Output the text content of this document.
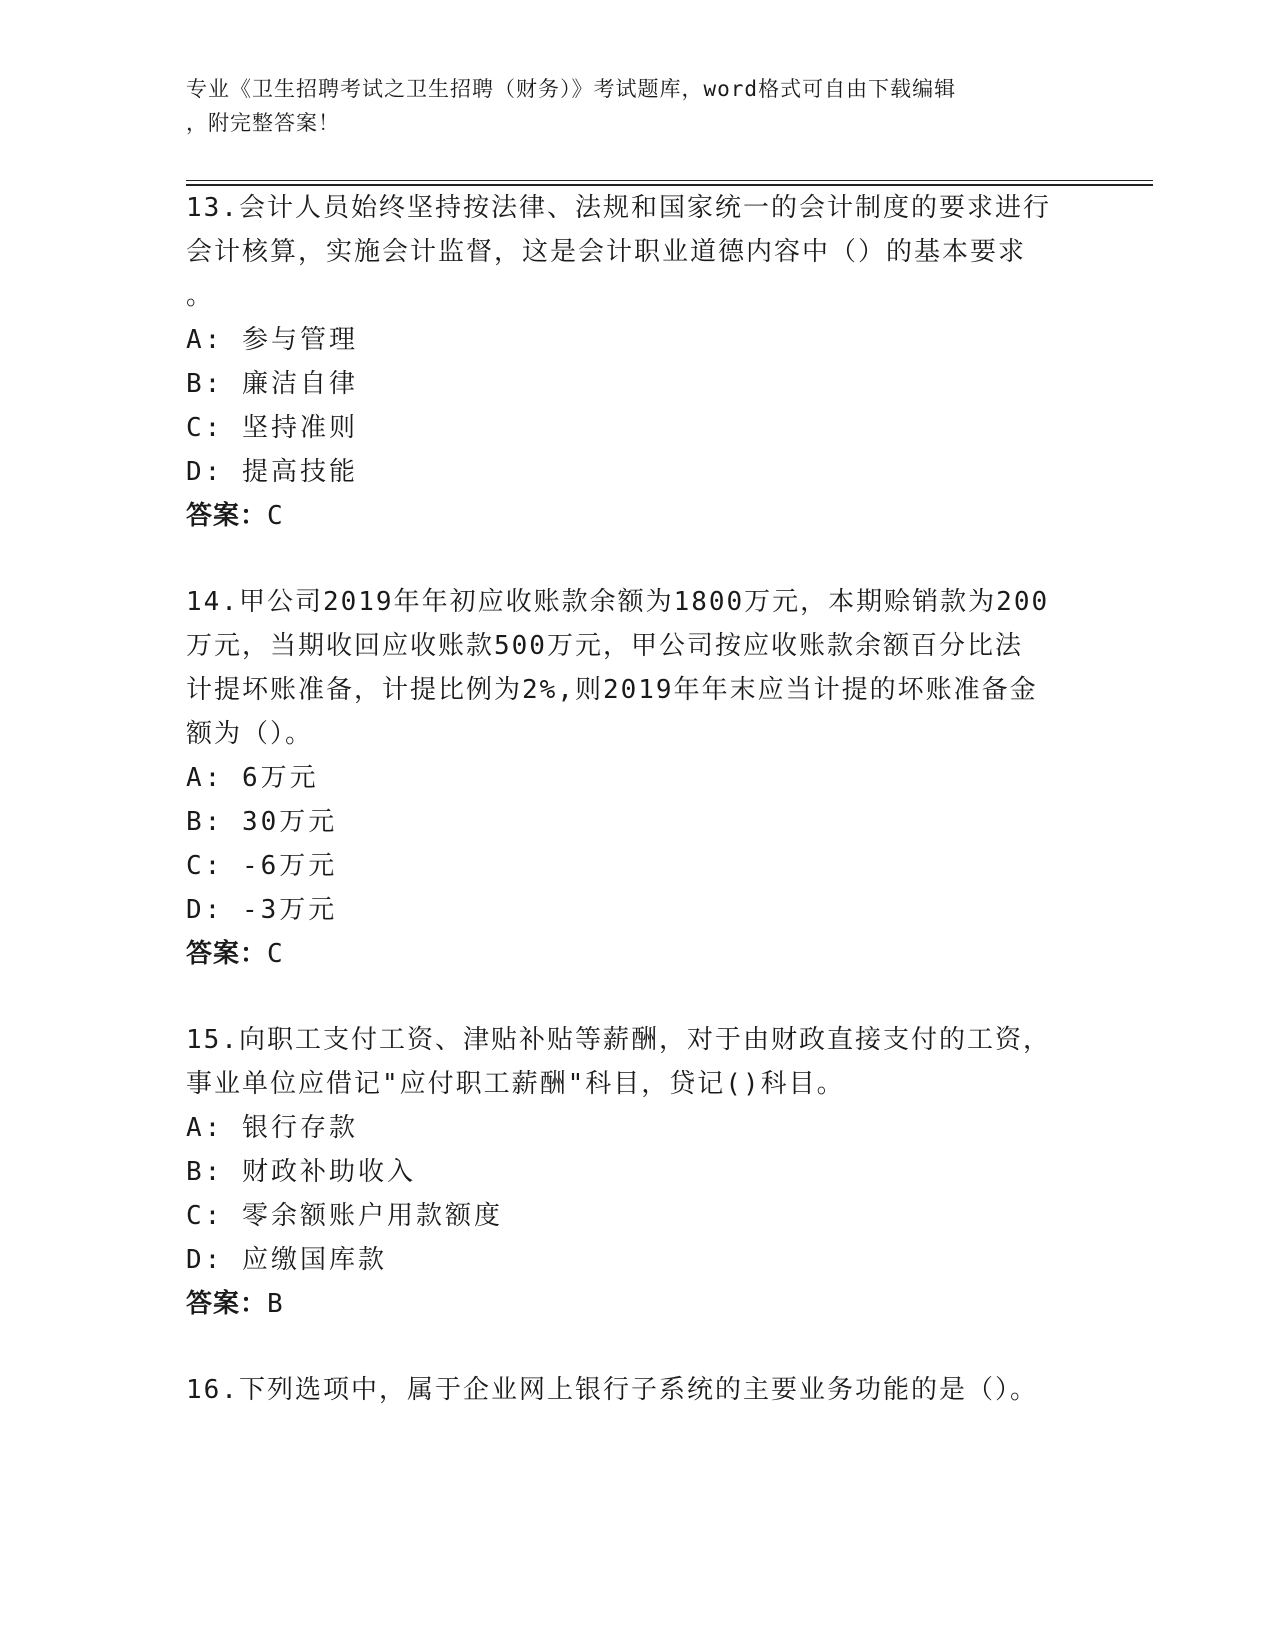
专业《卫生招聘考试之卫生招聘（财务）》考试题库，word格式可自由下载编辑
，附完整答案！
13.会计人员始终坚持按法律、法规和国家统一的会计制度的要求进行
会计核算，实施会计监督，这是会计职业道德内容中（）的基本要求
。
A: 参与管理
B: 廉洁自律
C: 坚持准则
D: 提高技能
答案：C
14.甲公司2019年年初应收账款余额为1800万元，本期赊销款为200
万元，当期收回应收账款500万元，甲公司按应收账款余额百分比法
计提坏账准备，计提比例为2%,则2019年年末应当计提的坏账准备金
额为（）。
A: 6万元
B: 30万元
C: -6万元
D: -3万元
答案：C
15.向职工支付工资、津贴补贴等薪酬，对于由财政直接支付的工资，
事业单位应借记"应付职工薪酬"科目，贷记()科目。
A: 银行存款
B: 财政补助收入
C: 零余额账户用款额度
D: 应缴国库款
答案：B
16.下列选项中，属于企业网上银行子系统的主要业务功能的是（）。
